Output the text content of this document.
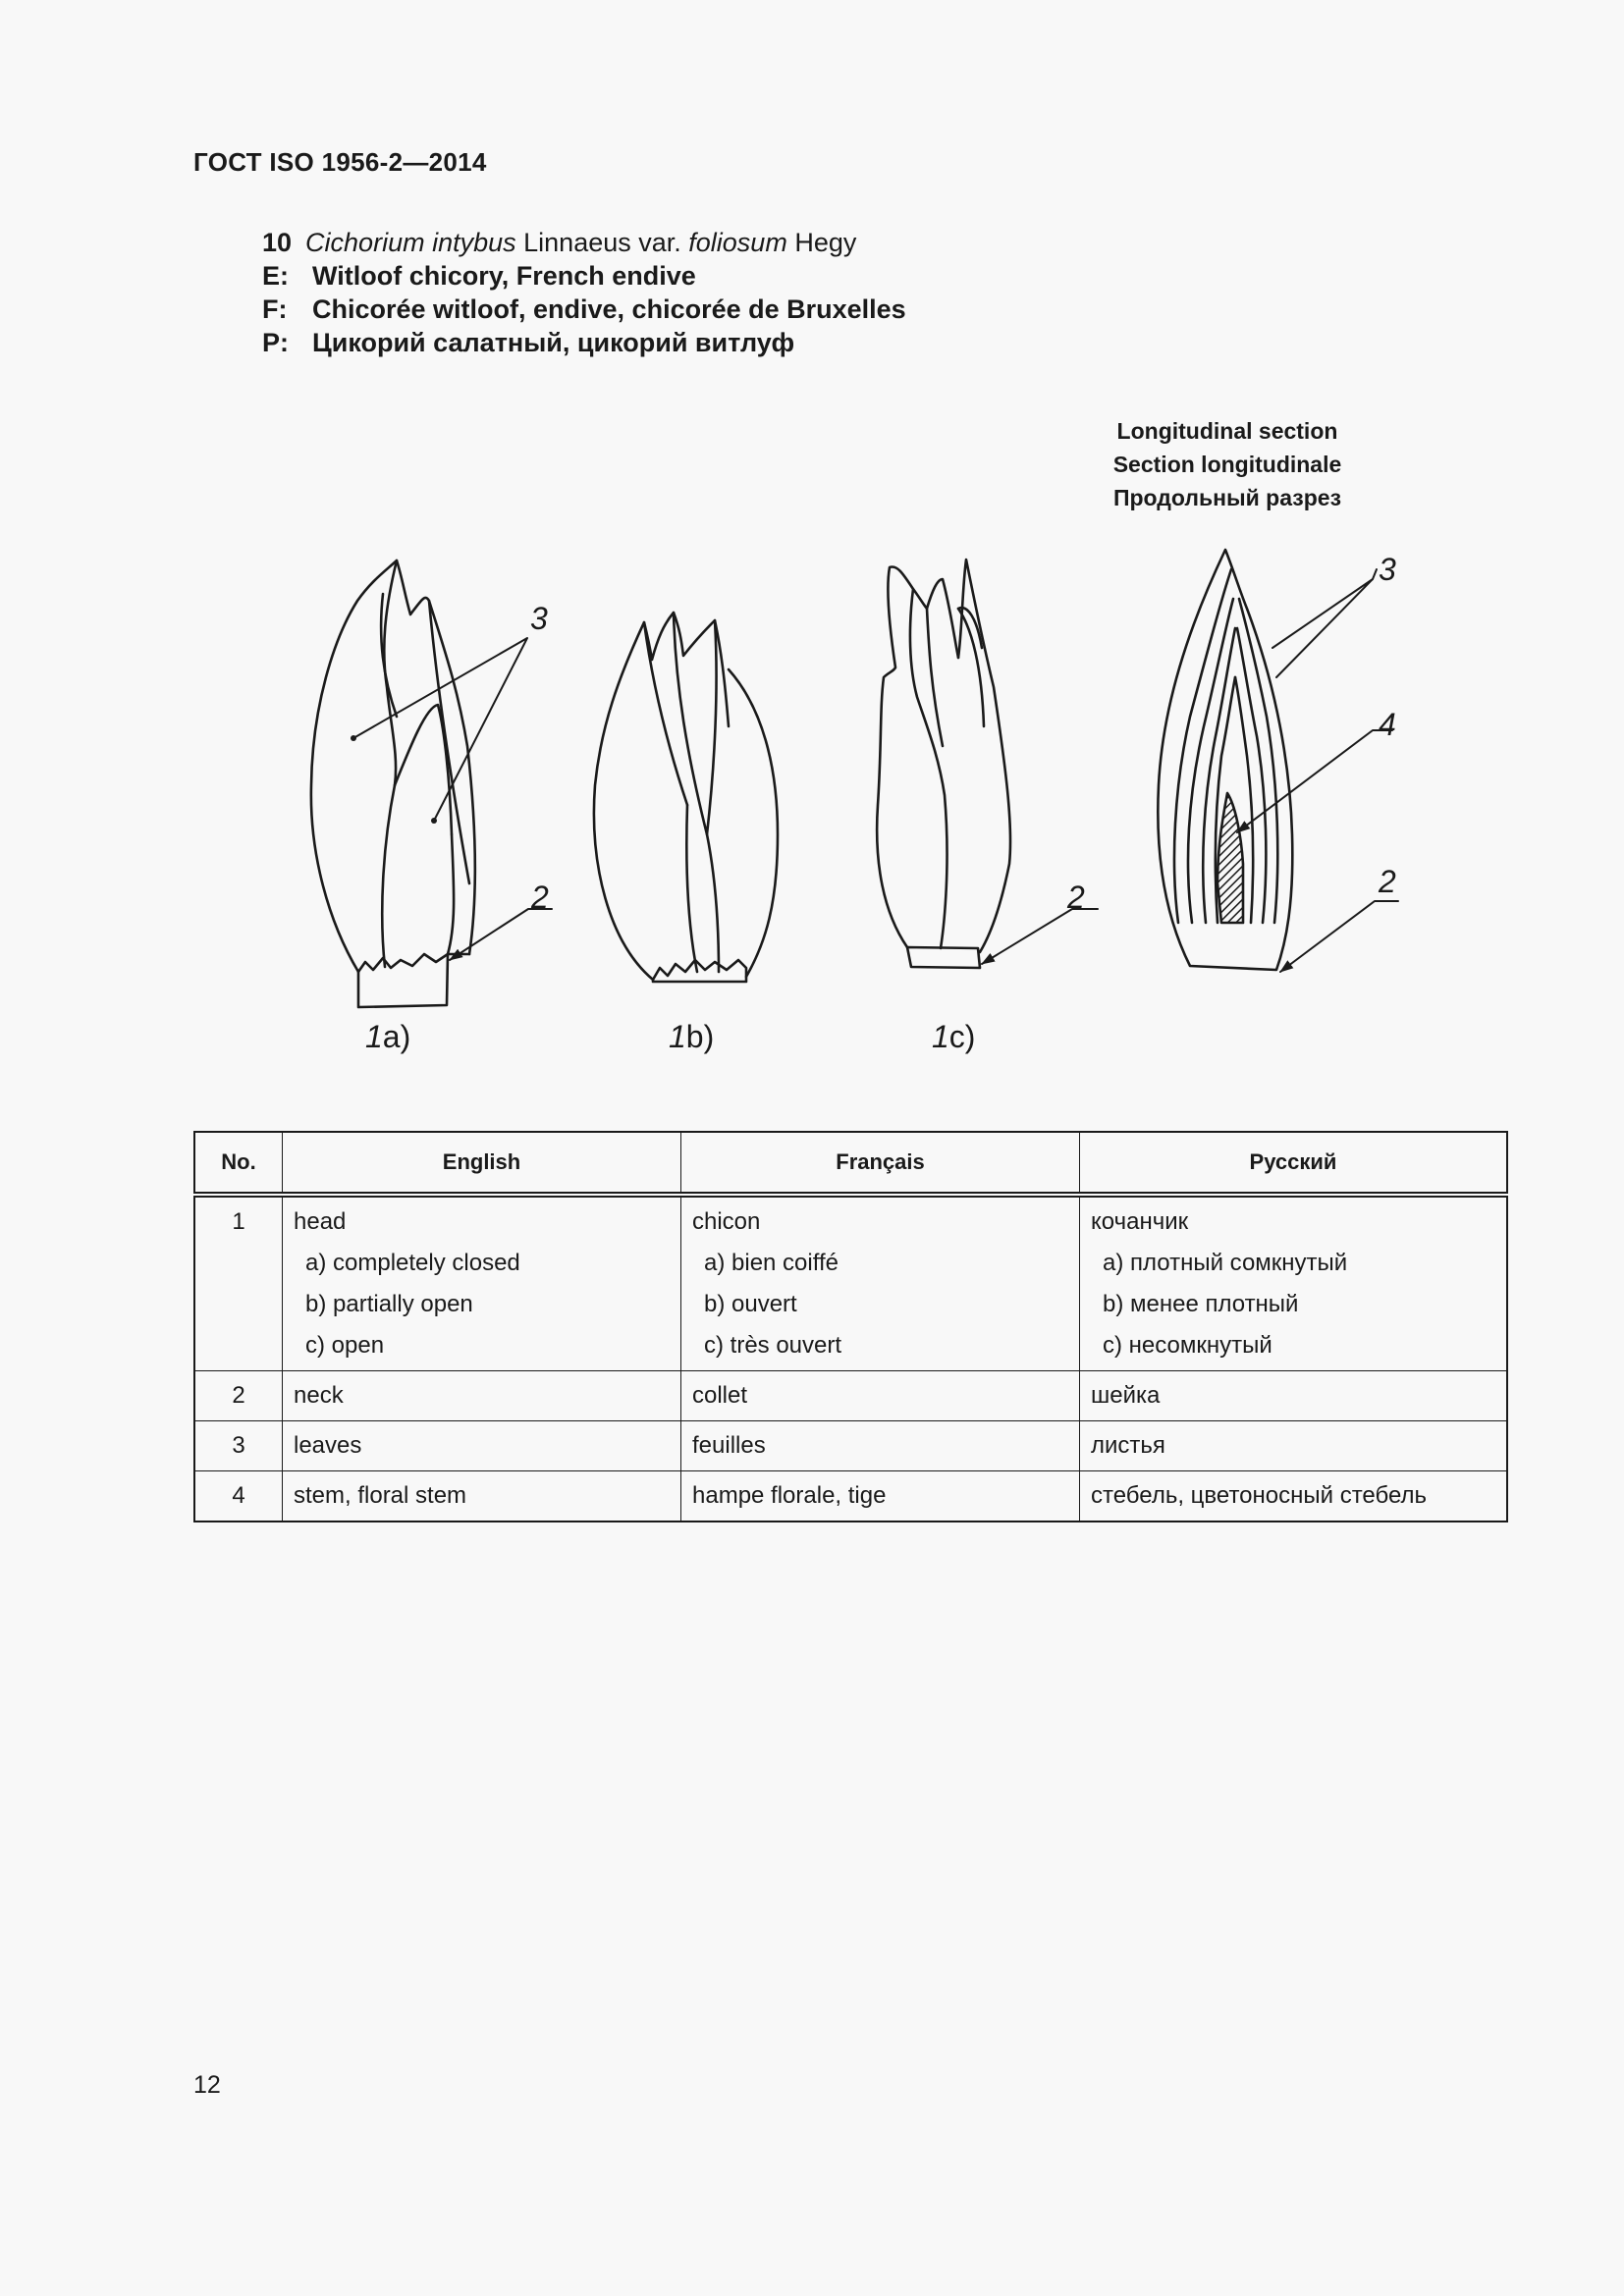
ГОСТ ISO 1956-2—2014
10 Cichorium intybus
Linnaeus var.
foliosum
Hegy
E: Witloof chicory, French endive
F: Chicorée witloof, endive, chicorée de Bruxelles
P: Цикорий салатный, цикорий витлуф
Longitudinal section
Section longitudinale
Продольный разрез
3
2	2
3
4
2
1a)	1b)	1c)
No.	English	Français	Русский
1	head
a) completely closed
b) partially open
c) open	chicon
a) bien coiffé
b) ouvert
c) très ouvert	кочанчик
a) плотный сомкнутый
b) менее плотный
c) несомкнутый

2	neck	collet	шейка
3	leaves	feuilles	листья
4	stem, floral stem	hampe florale, tige	стебель, цветоносный стебель
12
